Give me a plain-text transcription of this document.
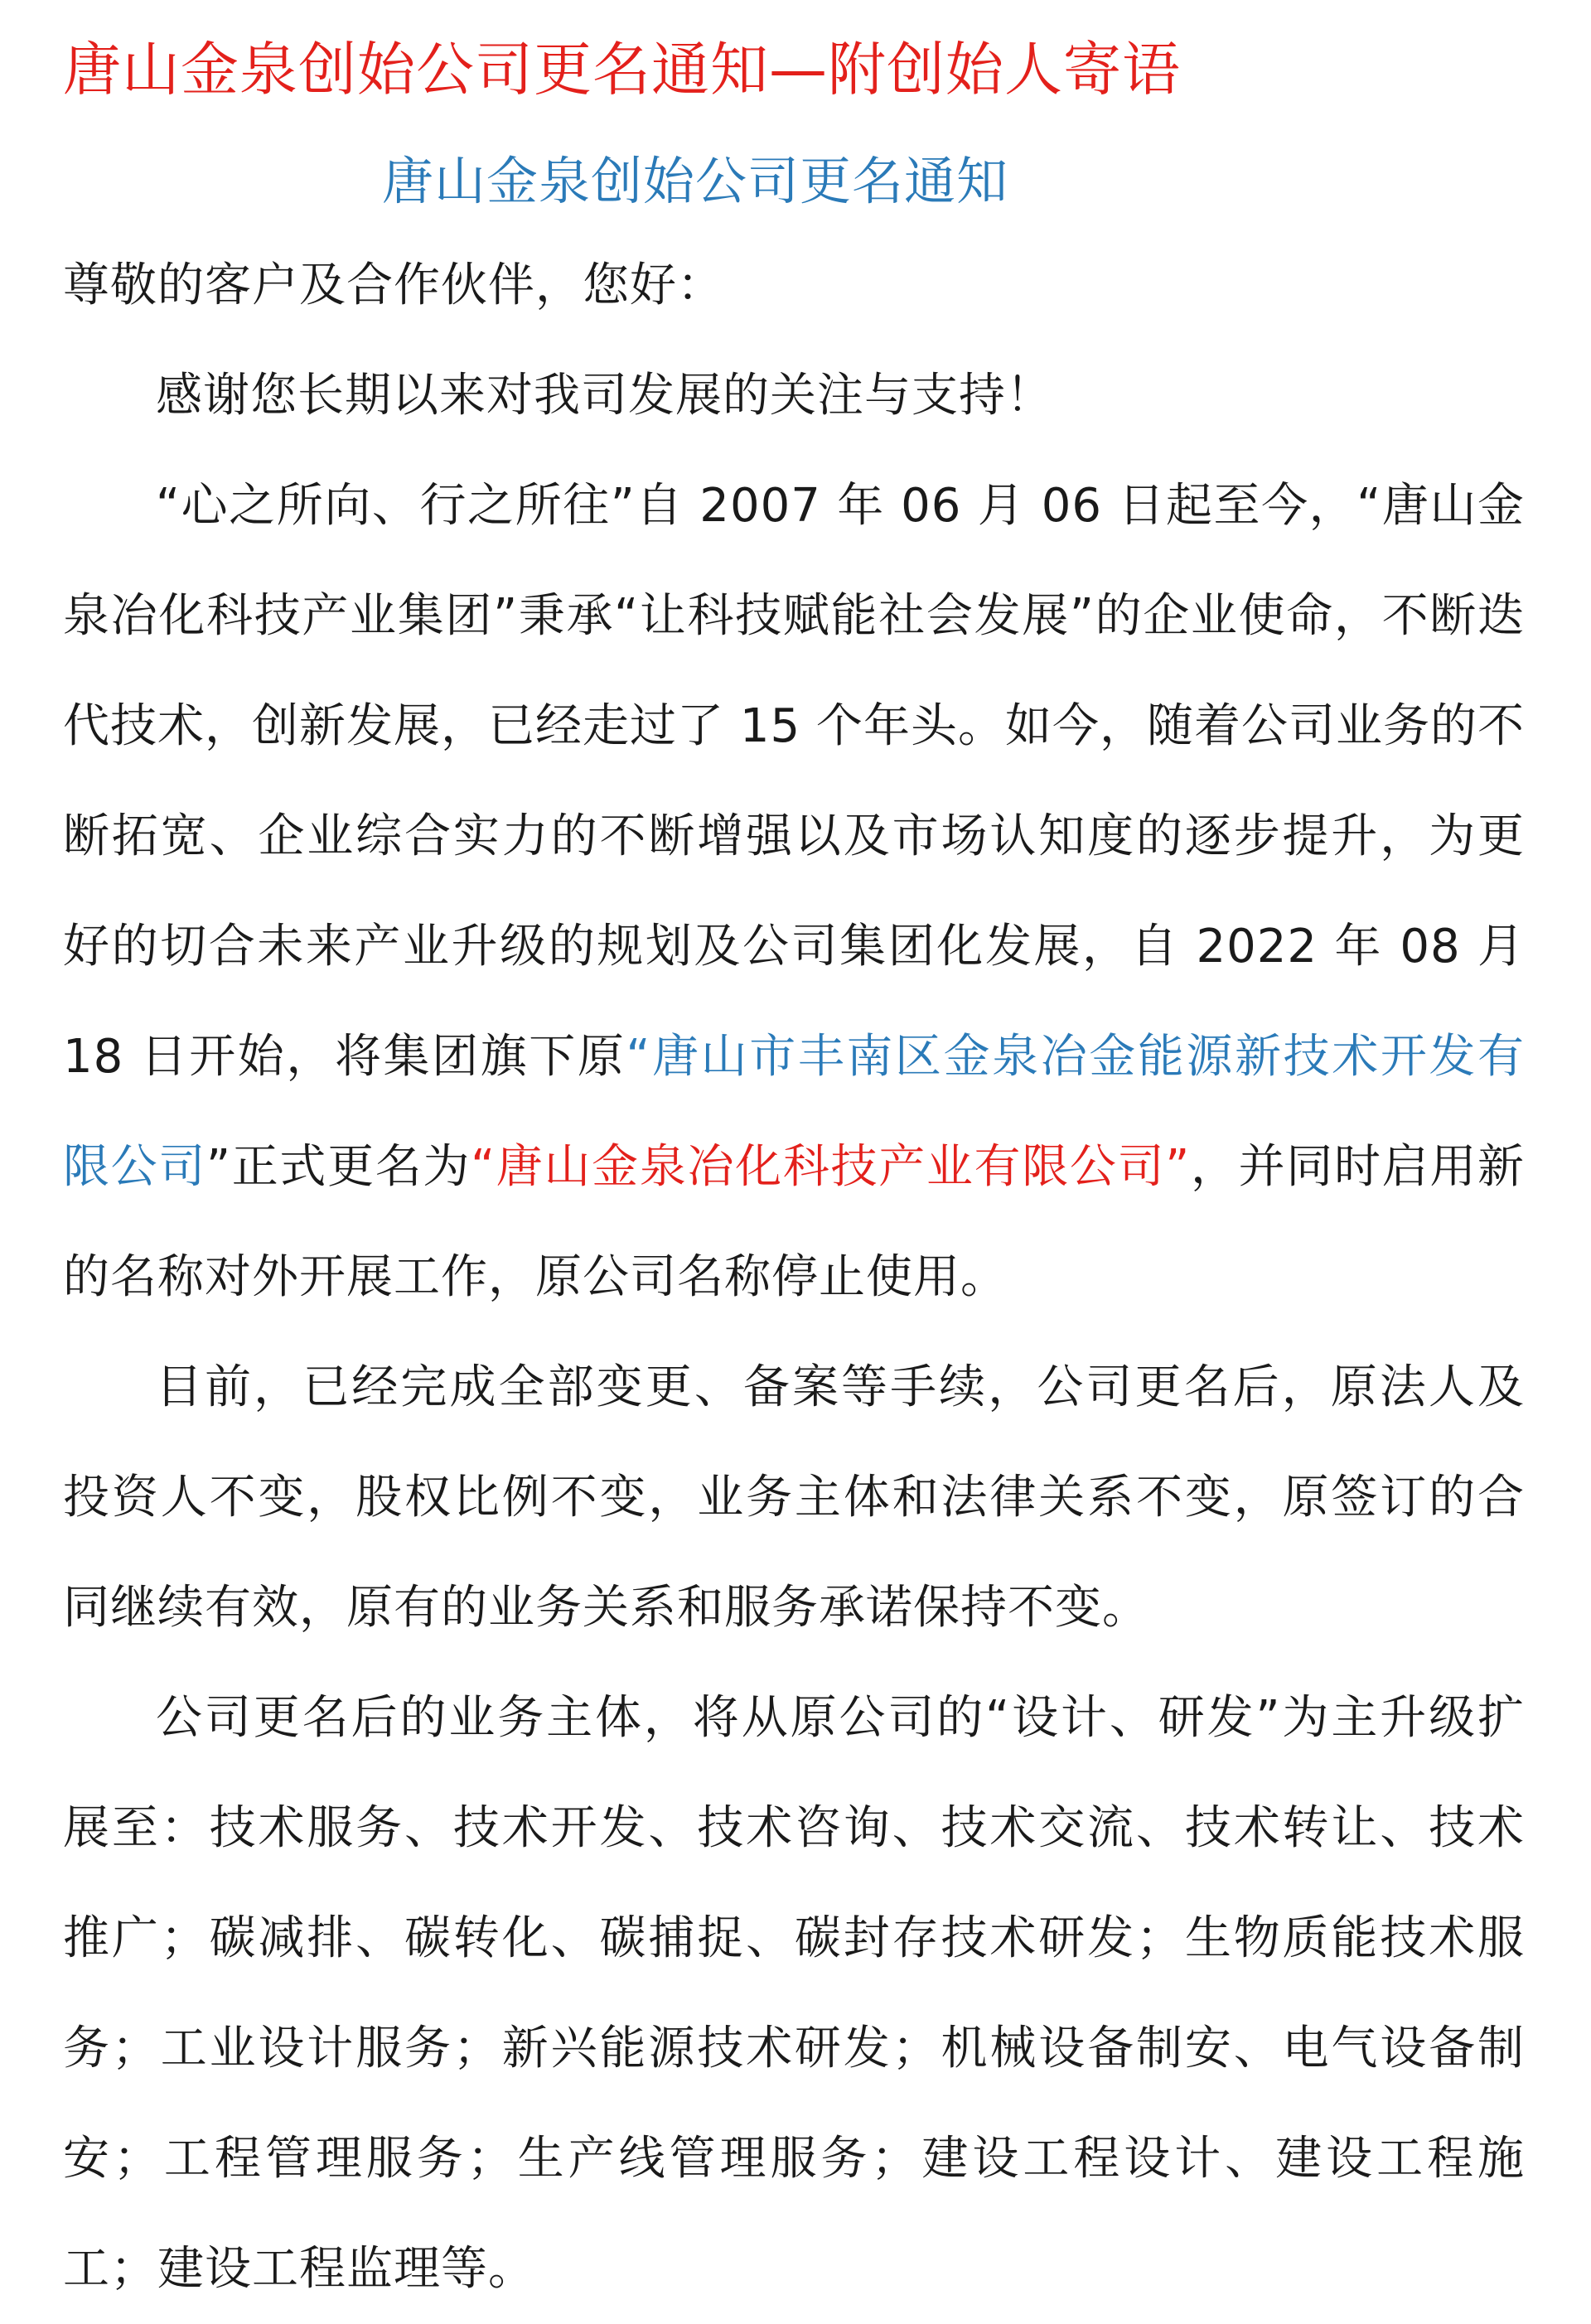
唐山金泉创始公司更名通知—附创始人寄语
唐山金泉创始公司更名通知

尊敬的客户及合作伙伴，您好：

感谢您长期以来对我司发展的关注与支持！

“心之所向、行之所往”自 2007 年 06 月 06 日起至今，“唐山金泉冶化科技产业集团”秉承“让科技赋能社会发展”的企业使命，不断迭代技术，创新发展，已经走过了 15 个年头。如今，随着公司业务的不断拓宽、企业综合实力的不断增强以及市场认知度的逐步提升，为更好的切合未来产业升级的规划及公司集团化发展，自 2022 年 08 月 18 日开始，将集团旗下原“唐山市丰南区金泉冶金能源新技术开发有限公司”正式更名为“唐山金泉冶化科技产业有限公司”，并同时启用新的名称对外开展工作，原公司名称停止使用。

目前，已经完成全部变更、备案等手续，公司更名后，原法人及投资人不变，股权比例不变，业务主体和法律关系不变，原签订的合同继续有效，原有的业务关系和服务承诺保持不变。

公司更名后的业务主体，将从原公司的“设计、研发”为主升级扩展至：技术服务、技术开发、技术咨询、技术交流、技术转让、技术推广；碳减排、碳转化、碳捕捉、碳封存技术研发；生物质能技术服务；工业设计服务；新兴能源技术研发；机械设备制安、电气设备制安；工程管理服务；生产线管理服务；建设工程设计、建设工程施工；建设工程监理等。
